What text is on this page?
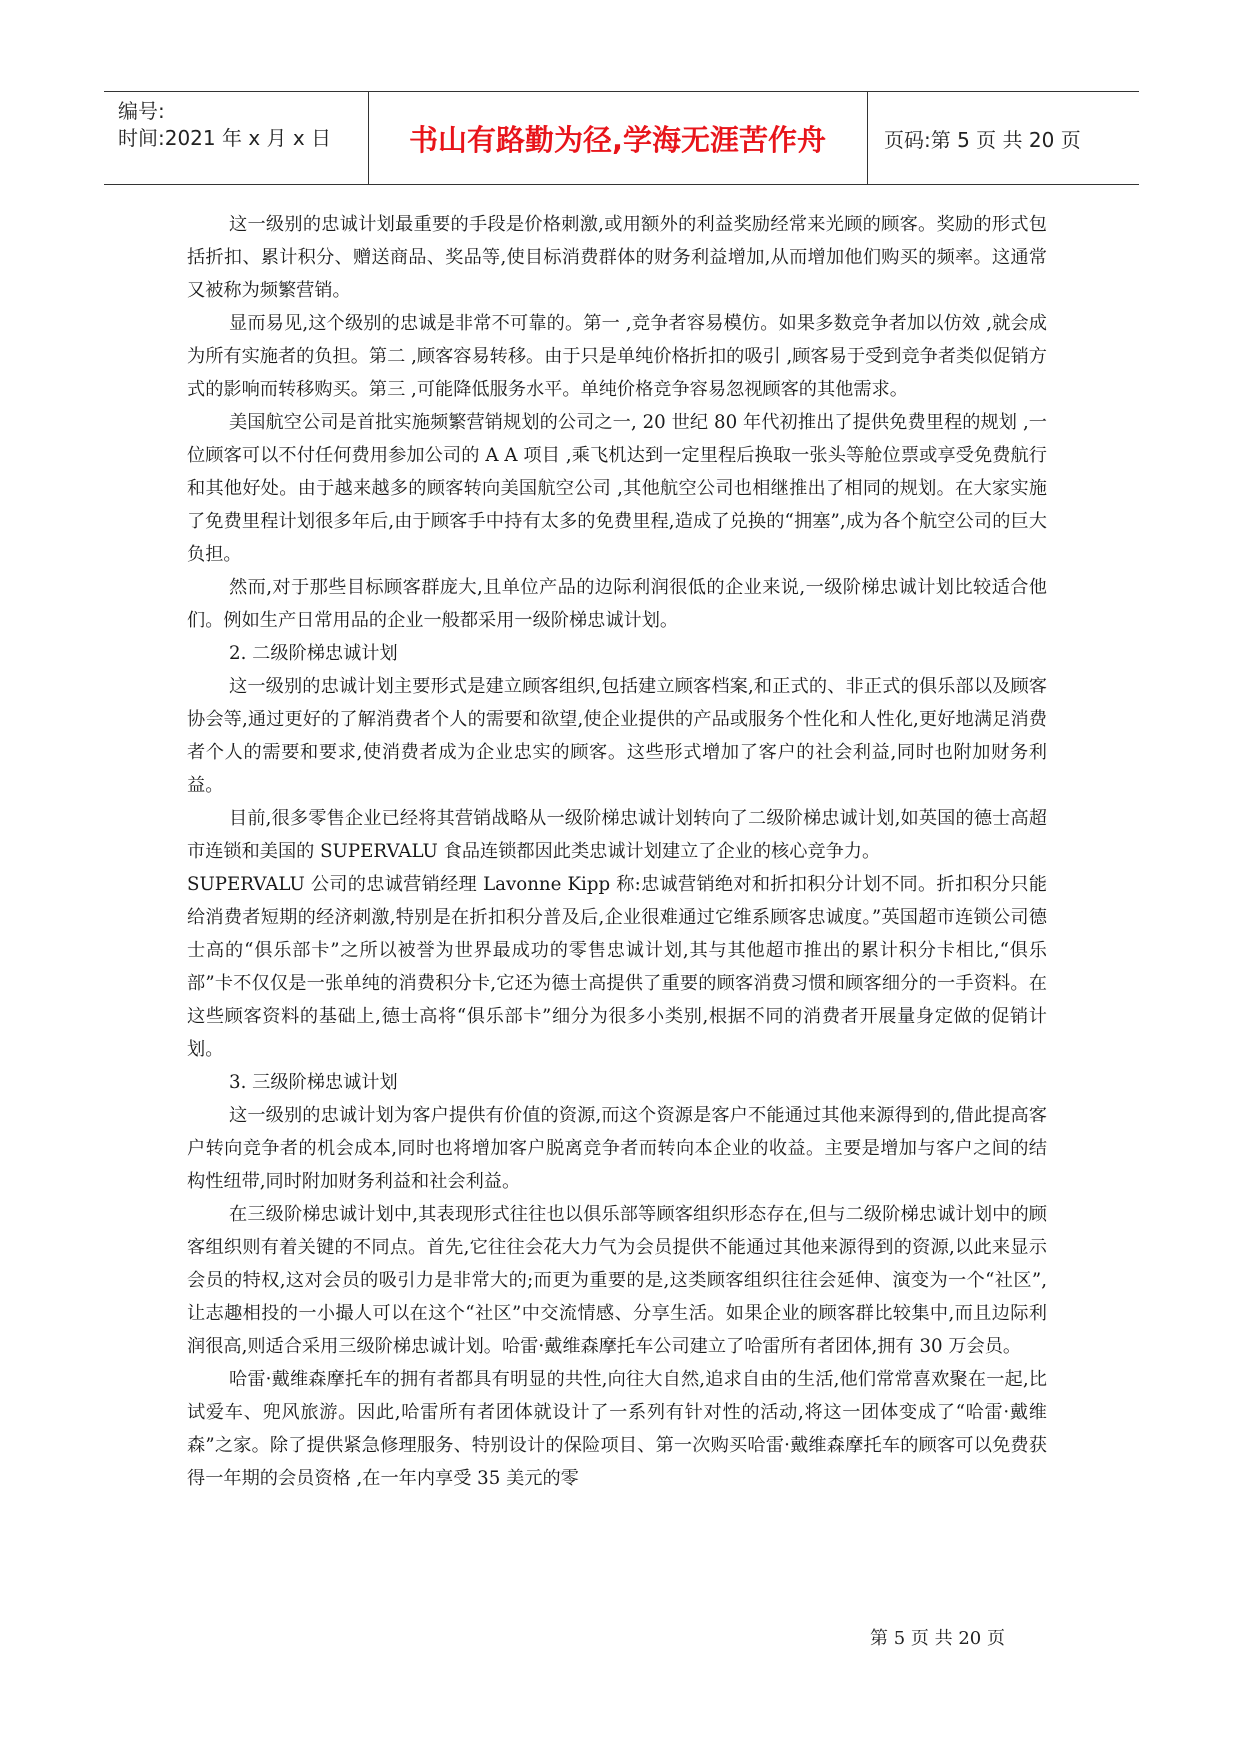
编号:
时间:2021 年 x 月 x 日	书山有路勤为径,学海无涯苦作舟	页码:第 5 页 共 20 页

这一级别的忠诚计划最重要的手段是价格刺激,或用额外的利益奖励经常来光顾的顾客。奖励的形式包括折扣、累计积分、赠送商品、奖品等,使目标消费群体的财务利益增加,从而增加他们购买的频率。这通常又被称为频繁营销。

显而易见,这个级别的忠诚是非常不可靠的。第一 ,竞争者容易模仿。如果多数竞争者加以仿效 ,就会成为所有实施者的负担。第二 ,顾客容易转移。由于只是单纯价格折扣的吸引 ,顾客易于受到竞争者类似促销方式的影响而转移购买。第三 ,可能降低服务水平。单纯价格竞争容易忽视顾客的其他需求。

美国航空公司是首批实施频繁营销规划的公司之一, 20 世纪 80 年代初推出了提供免费里程的规划 ,一位顾客可以不付任何费用参加公司的 A A 项目 ,乘飞机达到一定里程后换取一张头等舱位票或享受免费航行和其他好处。由于越来越多的顾客转向美国航空公司 ,其他航空公司也相继推出了相同的规划。在大家实施了免费里程计划很多年后,由于顾客手中持有太多的免费里程,造成了兑换的“拥塞”,成为各个航空公司的巨大负担。

然而,对于那些目标顾客群庞大,且单位产品的边际利润很低的企业来说,一级阶梯忠诚计划比较适合他们。例如生产日常用品的企业一般都采用一级阶梯忠诚计划。

2. 二级阶梯忠诚计划

这一级别的忠诚计划主要形式是建立顾客组织,包括建立顾客档案,和正式的、非正式的俱乐部以及顾客协会等,通过更好的了解消费者个人的需要和欲望,使企业提供的产品或服务个性化和人性化,更好地满足消费者个人的需要和要求,使消费者成为企业忠实的顾客。这些形式增加了客户的社会利益,同时也附加财务利益。

目前,很多零售企业已经将其营销战略从一级阶梯忠诚计划转向了二级阶梯忠诚计划,如英国的德士高超市连锁和美国的 SUPERVALU 食品连锁都因此类忠诚计划建立了企业的核心竞争力。

SUPERVALU 公司的忠诚营销经理 Lavonne Kipp 称:忠诚营销绝对和折扣积分计划不同。折扣积分只能给消费者短期的经济刺激,特别是在折扣积分普及后,企业很难通过它维系顾客忠诚度。”英国超市连锁公司德士高的“俱乐部卡”之所以被誉为世界最成功的零售忠诚计划,其与其他超市推出的累计积分卡相比,“俱乐部”卡不仅仅是一张单纯的消费积分卡,它还为德士高提供了重要的顾客消费习惯和顾客细分的一手资料。在这些顾客资料的基础上,德士高将“俱乐部卡”细分为很多小类别,根据不同的消费者开展量身定做的促销计划。

3. 三级阶梯忠诚计划

这一级别的忠诚计划为客户提供有价值的资源,而这个资源是客户不能通过其他来源得到的,借此提高客户转向竞争者的机会成本,同时也将增加客户脱离竞争者而转向本企业的收益。主要是增加与客户之间的结构性纽带,同时附加财务利益和社会利益。

在三级阶梯忠诚计划中,其表现形式往往也以俱乐部等顾客组织形态存在,但与二级阶梯忠诚计划中的顾客组织则有着关键的不同点。首先,它往往会花大力气为会员提供不能通过其他来源得到的资源,以此来显示会员的特权,这对会员的吸引力是非常大的;而更为重要的是,这类顾客组织往往会延伸、演变为一个“社区”,让志趣相投的一小撮人可以在这个“社区”中交流情感、分享生活。如果企业的顾客群比较集中,而且边际利润很高,则适合采用三级阶梯忠诚计划。哈雷·戴维森摩托车公司建立了哈雷所有者团体,拥有 30 万会员。

哈雷·戴维森摩托车的拥有者都具有明显的共性,向往大自然,追求自由的生活,他们常常喜欢聚在一起,比试爱车、兜风旅游。因此,哈雷所有者团体就设计了一系列有针对性的活动,将这一团体变成了“哈雷·戴维森”之家。除了提供紧急修理服务、特别设计的保险项目、第一次购买哈雷·戴维森摩托车的顾客可以免费获得一年期的会员资格 ,在一年内享受 35 美元的零

第 5 页 共 20 页
